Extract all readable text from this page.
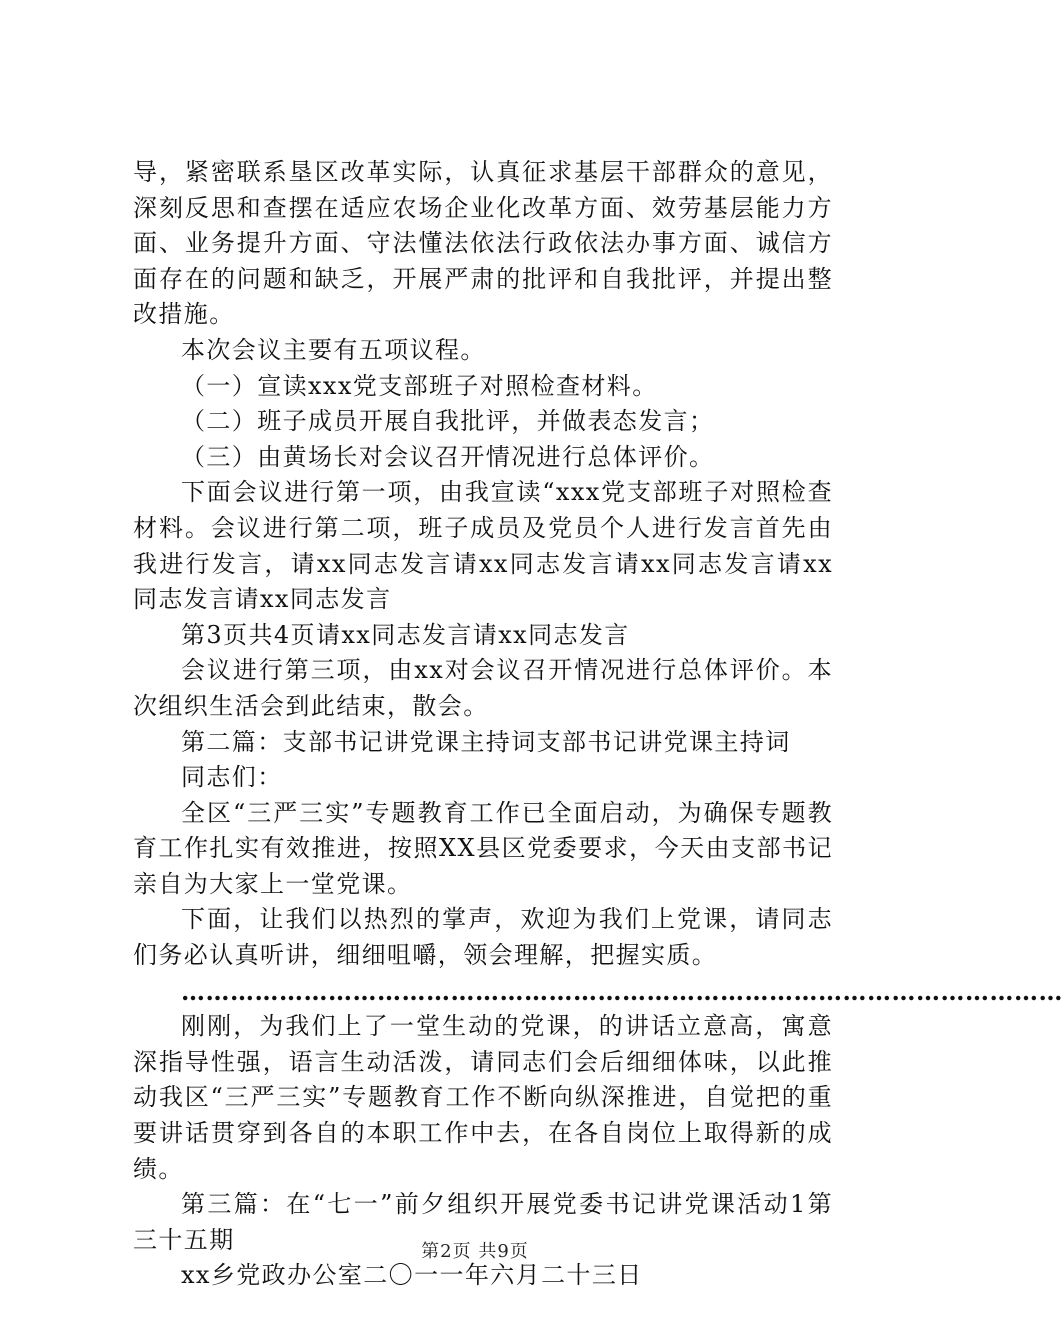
导，紧密联系垦区改革实际，认真征求基层干部群众的意见，深刻反思和查摆在适应农场企业化改革方面、效劳基层能力方面、业务提升方面、守法懂法依法行政依法办事方面、诚信方面存在的问题和缺乏，开展严肃的批评和自我批评，并提出整改措施。

本次会议主要有五项议程。

（一）宣读xxx党支部班子对照检查材料。

（二）班子成员开展自我批评，并做表态发言；

（三）由黄场长对会议召开情况进行总体评价。

下面会议进行第一项，由我宣读“xxx党支部班子对照检查材料。会议进行第二项，班子成员及党员个人进行发言首先由我进行发言，请xx同志发言请xx同志发言请xx同志发言请xx同志发言请xx同志发言

第3页共4页请xx同志发言请xx同志发言

会议进行第三项，由xx对会议召开情况进行总体评价。本次组织生活会到此结束，散会。

第二篇：支部书记讲党课主持词支部书记讲党课主持词

同志们：

全区“三严三实”专题教育工作已全面启动，为确保专题教育工作扎实有效推进，按照XX县区党委要求，今天由支部书记亲自为大家上一堂党课。

下面，让我们以热烈的掌声，欢迎为我们上党课，请同志们务必认真听讲，细细咀嚼，领会理解，把握实质。

………………………………………………………………………………………………

刚刚，为我们上了一堂生动的党课，的讲话立意高，寓意深指导性强，语言生动活泼，请同志们会后细细体味，以此推动我区“三严三实”专题教育工作不断向纵深推进，自觉把的重要讲话贯穿到各自的本职工作中去，在各自岗位上取得新的成绩。

第三篇：在“七一”前夕组织开展党委书记讲党课活动1第三十五期

xx乡党政办公室二〇一一年六月二十三日

第2页 共9页
